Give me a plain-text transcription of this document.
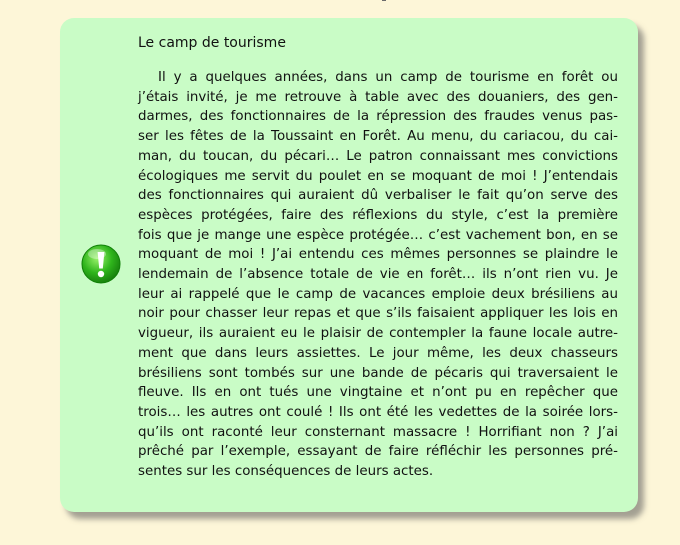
Le camp de tourisme

Il y a quelques années, dans un camp de tourisme en forêt ou
j’étais invité, je me retrouve à table avec des douaniers, des gen-
darmes, des fonctionnaires de la répression des fraudes venus pas-
ser les fêtes de la Toussaint en Forêt. Au menu, du cariacou, du cai-
man, du toucan, du pécari… Le patron connaissant mes convictions
écologiques me servit du poulet en se moquant de moi ! J’entendais
des fonctionnaires qui auraient dû verbaliser le fait qu’on serve des
espèces protégées, faire des réflexions du style, c’est la première
fois que je mange une espèce protégée… c’est vachement bon, en se
moquant de moi ! J’ai entendu ces mêmes personnes se plaindre le
lendemain de l’absence totale de vie en forêt… ils n’ont rien vu. Je
leur ai rappelé que le camp de vacances emploie deux brésiliens au
noir pour chasser leur repas et que s’ils faisaient appliquer les lois en
vigueur, ils auraient eu le plaisir de contempler la faune locale autre-
ment que dans leurs assiettes. Le jour même, les deux chasseurs
brésiliens sont tombés sur une bande de pécaris qui traversaient le
fleuve. Ils en ont tués une vingtaine et n’ont pu en repêcher que
trois… les autres ont coulé ! Ils ont été les vedettes de la soirée lors-
qu’ils ont raconté leur consternant massacre ! Horrifiant non ? J’ai
prêché par l’exemple, essayant de faire réfléchir les personnes pré-
sentes sur les conséquences de leurs actes.
